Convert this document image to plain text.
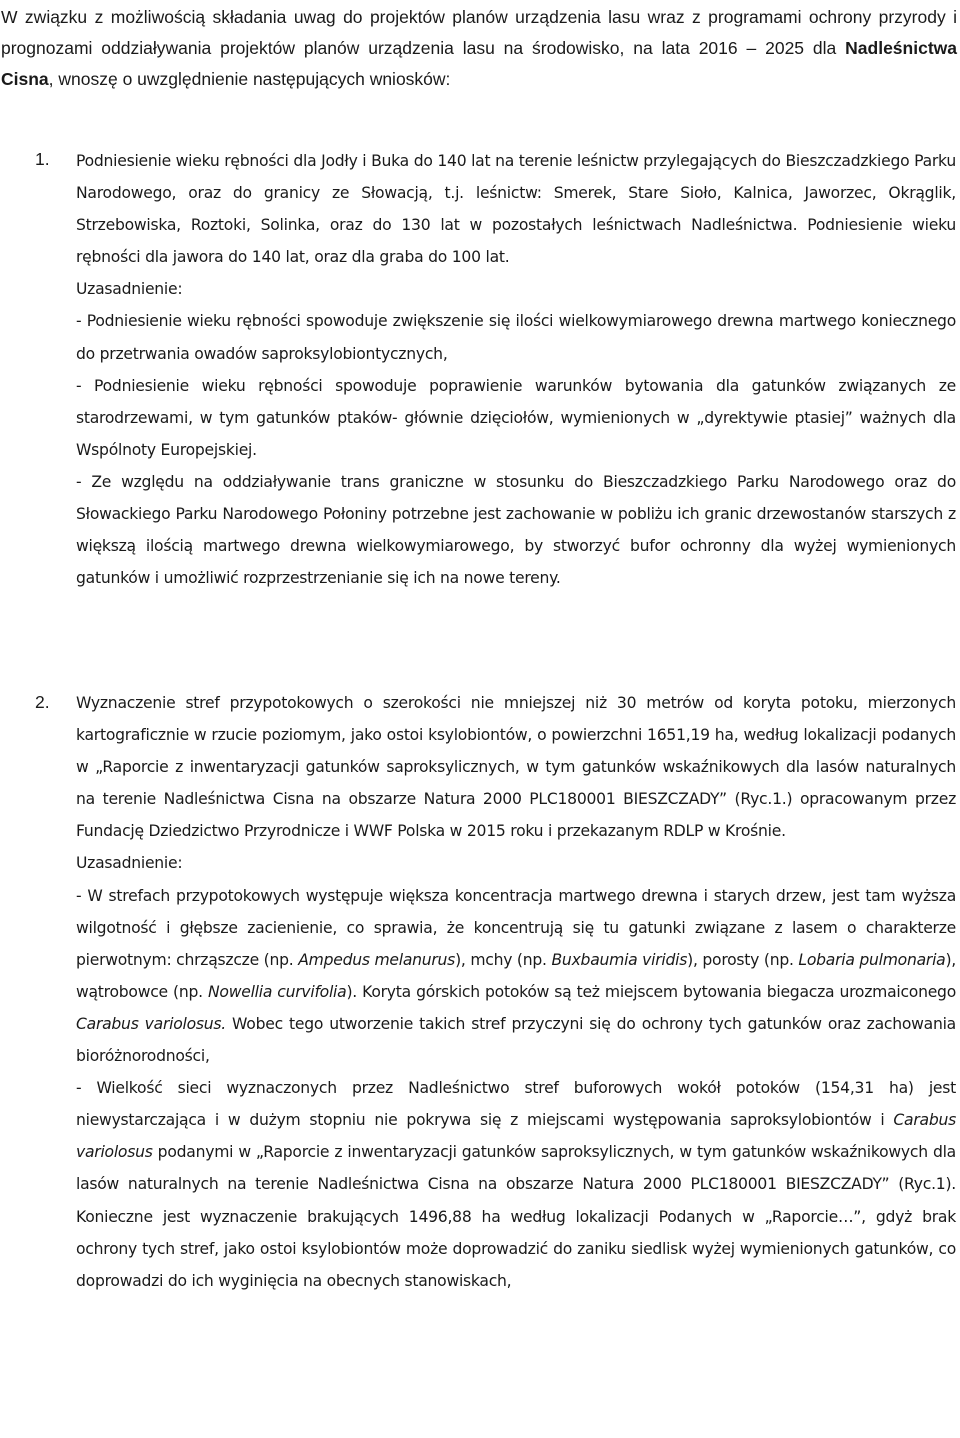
W związku z możliwością składania uwag do projektów planów urządzenia lasu wraz z programami ochrony przyrody i prognozami oddziaływania projektów planów urządzenia lasu na środowisko, na lata 2016 – 2025 dla Nadleśnictwa Cisna, wnoszę o uwzględnienie następujących wniosków:

1. Podniesienie wieku rębności dla Jodły i Buka do 140 lat na terenie leśnictw przylegających do Bieszczadzkiego Parku Narodowego, oraz do granicy ze Słowacją, t.j. leśnictw: Smerek, Stare Sioło, Kalnica, Jaworzec, Okrąglik, Strzebowiska, Roztoki, Solinka, oraz do 130 lat w pozostałych leśnictwach Nadleśnictwa. Podniesienie wieku rębności dla jawora do 140 lat, oraz dla graba do 100 lat.

Uzasadnienie:

- Podniesienie wieku rębności spowoduje zwiększenie się ilości wielkowymiarowego drewna martwego koniecznego do przetrwania owadów saproksylobiontycznych,

- Podniesienie wieku rębności spowoduje poprawienie warunków bytowania dla gatunków związanych ze starodrzewami, w tym gatunków ptaków- głównie dzięciołów, wymienionych w „dyrektywie ptasiej” ważnych dla Wspólnoty Europejskiej.

- Ze względu na oddziaływanie trans graniczne w stosunku do Bieszczadzkiego Parku Narodowego oraz do Słowackiego Parku Narodowego Połoniny potrzebne jest zachowanie w pobliżu ich granic drzewostanów starszych z większą ilością martwego drewna wielkowymiarowego, by stworzyć bufor ochronny dla wyżej wymienionych gatunków i umożliwić rozprzestrzenianie się ich na nowe tereny.

2. Wyznaczenie stref przypotokowych o szerokości nie mniejszej niż 30 metrów od koryta potoku, mierzonych kartograficznie w rzucie poziomym, jako ostoi ksylobiontów, o powierzchni 1651,19 ha, według lokalizacji podanych w „Raporcie z inwentaryzacji gatunków saproksylicznych, w tym gatunków wskaźnikowych dla lasów naturalnych na terenie Nadleśnictwa Cisna na obszarze Natura 2000 PLC180001 BIESZCZADY” (Ryc.1.) opracowanym przez Fundację Dziedzictwo Przyrodnicze i WWF Polska w 2015 roku i przekazanym RDLP w Krośnie.

Uzasadnienie:

- W strefach przypotokowych występuje większa koncentracja martwego drewna i starych drzew, jest tam wyższa wilgotność i głębsze zacienienie, co sprawia, że koncentrują się tu gatunki związane z lasem o charakterze pierwotnym: chrząszcze (np. Ampedus melanurus), mchy (np. Buxbaumia viridis), porosty (np. Lobaria pulmonaria), wątrobowce (np. Nowellia curvifolia). Koryta górskich potoków są też miejscem bytowania biegacza urozmaiconego Carabus variolosus. Wobec tego utworzenie takich stref przyczyni się do ochrony tych gatunków oraz zachowania bioróżnorodności,

- Wielkość sieci wyznaczonych przez Nadleśnictwo stref buforowych wokół potoków (154,31 ha) jest niewystarczająca i w dużym stopniu nie pokrywa się z miejscami występowania saproksylobiontów i Carabus variolosus podanymi w „Raporcie z inwentaryzacji gatunków saproksylicznych, w tym gatunków wskaźnikowych dla lasów naturalnych na terenie Nadleśnictwa Cisna na obszarze Natura 2000 PLC180001 BIESZCZADY” (Ryc.1). Konieczne jest wyznaczenie brakujących 1496,88 ha według lokalizacji Podanych w „Raporcie…”, gdyż brak ochrony tych stref, jako ostoi ksylobiontów może doprowadzić do zaniku siedlisk wyżej wymienionych gatunków, co doprowadzi do ich wyginięcia na obecnych stanowiskach,
